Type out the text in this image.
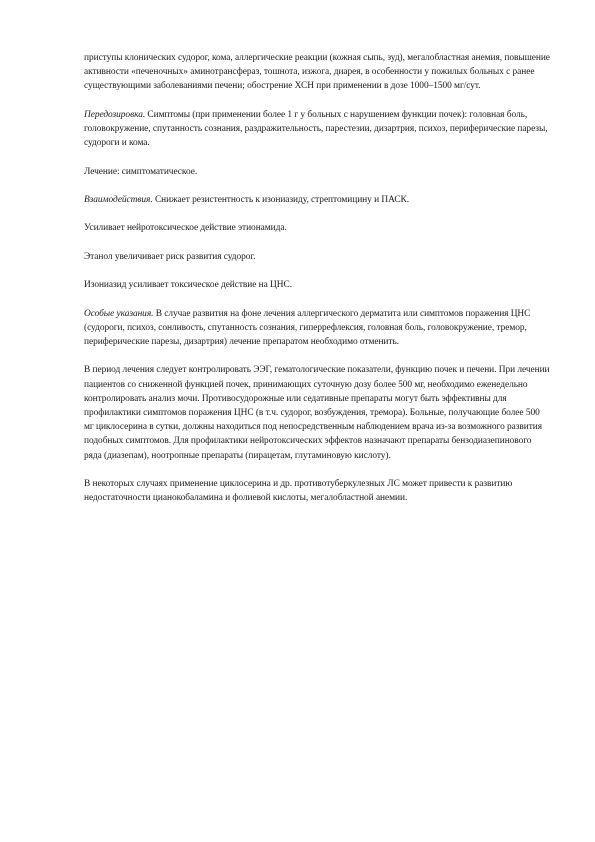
приступы клонических судорог, кома, аллергические реакции (кожная сыпь, зуд), мегалобластная анемия, повышение активности «печеночных» аминотрансфераз, тошнота, изжога, диарея, в особенности у пожилых больных с ранее существующими заболеваниями печени; обострение ХСН при применении в дозе 1000–1500 мг/сут.

Передозировка. Симптомы (при применении более 1 г у больных с нарушением функции почек): головная боль, головокружение, спутанность сознания, раздражительность, парестезии, дизартрия, психоз, периферические парезы, судороги и кома.

Лечение: симптоматическое.

Взаимодействия. Снижает резистентность к изониазиду, стрептомицину и ПАСК.

Усиливает нейротоксическое действие этионамида.

Этанол увеличивает риск развития судорог.

Изониазид усиливает токсическое действие на ЦНС.

Особые указания. В случае развития на фоне лечения аллергического дерматита или симптомов поражения ЦНС (судороги, психоз, сонливость, спутанность сознания, гиперрефлексия, головная боль, головокружение, тремор, периферические парезы, дизартрия) лечение препаратом необходимо отменить.

В период лечения следует контролировать ЭЭГ, гематологические показатели, функцию почек и печени. При лечении пациентов со сниженной функцией почек, принимающих суточную дозу более 500 мг, необходимо еженедельно контролировать анализ мочи. Противосудорожные или седативные препараты могут быть эффективны для профилактики симптомов поражения ЦНС (в т.ч. судорог, возбуждения, тремора). Больные, получающие более 500 мг циклосерина в сутки, должны находиться под непосредственным наблюдением врача из-за возможного развития подобных симптомов. Для профилактики нейротоксических эффектов назначают препараты бензодиазепинового ряда (диазепам), ноотропные препараты (пирацетам, глутаминовую кислоту).

В некоторых случаях применение циклосерина и др. противотуберкулезных ЛС может привести к развитию недостаточности цианокобаламина и фолиевой кислоты, мегалобластной анемии.
